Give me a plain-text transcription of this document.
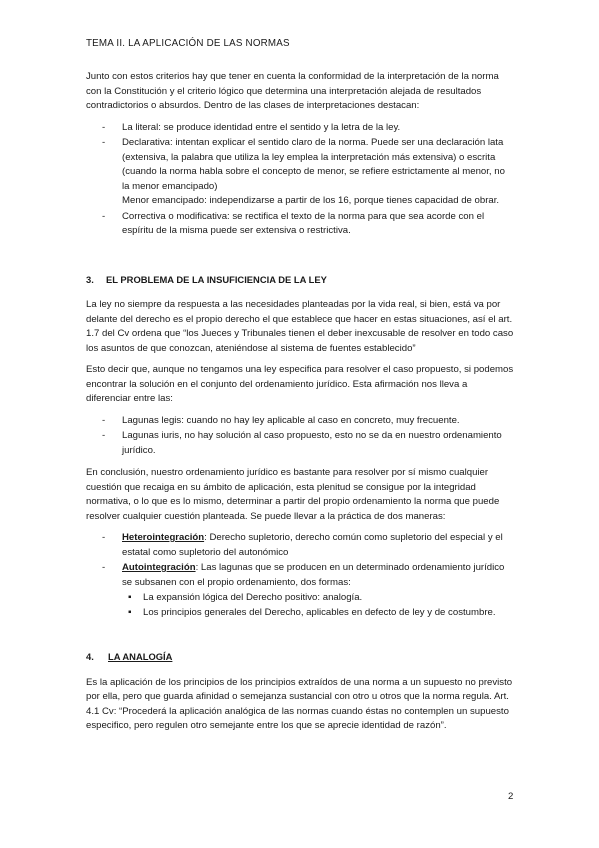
TEMA II. LA APLICACIÓN DE LAS NORMAS

Junto con estos criterios hay que tener en cuenta la conformidad de la interpretación de la norma con la Constitución y el criterio lógico que determina una interpretación alejada de resultados contradictorios o absurdos. Dentro de las clases de interpretaciones destacan:

- La literal: se produce identidad entre el sentido y la letra de la ley.
- Declarativa: intentan explicar el sentido claro de la norma. Puede ser una declaración lata (extensiva, la palabra que utiliza la ley emplea la interpretación más extensiva) o escrita (cuando la norma habla sobre el concepto de menor, se refiere estrictamente al menor, no la menor emancipado)
Menor emancipado: independizarse a partir de los 16, porque tienes capacidad de obrar.
- Correctiva o modificativa: se rectifica el texto de la norma para que sea acorde con el espíritu de la misma puede ser extensiva o restrictiva.
3. EL PROBLEMA DE LA INSUFICIENCIA DE LA LEY

La ley no siempre da respuesta a las necesidades planteadas por la vida real, si bien, está va por delante del derecho es el propio derecho el que establece que hacer en estas situaciones, así el art. 1.7 del Cv ordena que “los Jueces y Tribunales tienen el deber inexcusable de resolver en todo caso los asuntos de que conozcan, ateniéndose al sistema de fuentes establecido”

Esto decir que, aunque no tengamos una ley especifica para resolver el caso propuesto, si podemos encontrar la solución en el conjunto del ordenamiento jurídico. Esta afirmación nos lleva a diferenciar entre las:

- Lagunas legis: cuando no hay ley aplicable al caso en concreto, muy frecuente.
- Lagunas iuris, no hay solución al caso propuesto, esto no se da en nuestro ordenamiento jurídico.

En conclusión, nuestro ordenamiento jurídico es bastante para resolver por sí mismo cualquier cuestión que recaiga en su ámbito de aplicación, esta plenitud se consigue por la integridad normativa, o lo que es lo mismo, determinar a partir del propio ordenamiento la norma que puede resolver cualquier cuestión planteada. Se puede llevar a la práctica de dos maneras:

- Heterointegración: Derecho supletorio, derecho común como supletorio del especial y el estatal como supletorio del autonómico
- Autointegración: Las lagunas que se producen en un determinado ordenamiento jurídico se subsanen con el propio ordenamiento, dos formas:
▪ La expansión lógica del Derecho positivo: analogía.
▪ Los principios generales del Derecho, aplicables en defecto de ley y de costumbre.
4. LA ANALOGÍA

Es la aplicación de los principios de los principios extraídos de una norma a un supuesto no previsto por ella, pero que guarda afinidad o semejanza sustancial con otro u otros que la norma regula. Art. 4.1 Cv: “Procederá la aplicación analógica de las normas cuando éstas no contemplen un supuesto especifico, pero regulen otro semejante entre los que se aprecie identidad de razón”.

2
